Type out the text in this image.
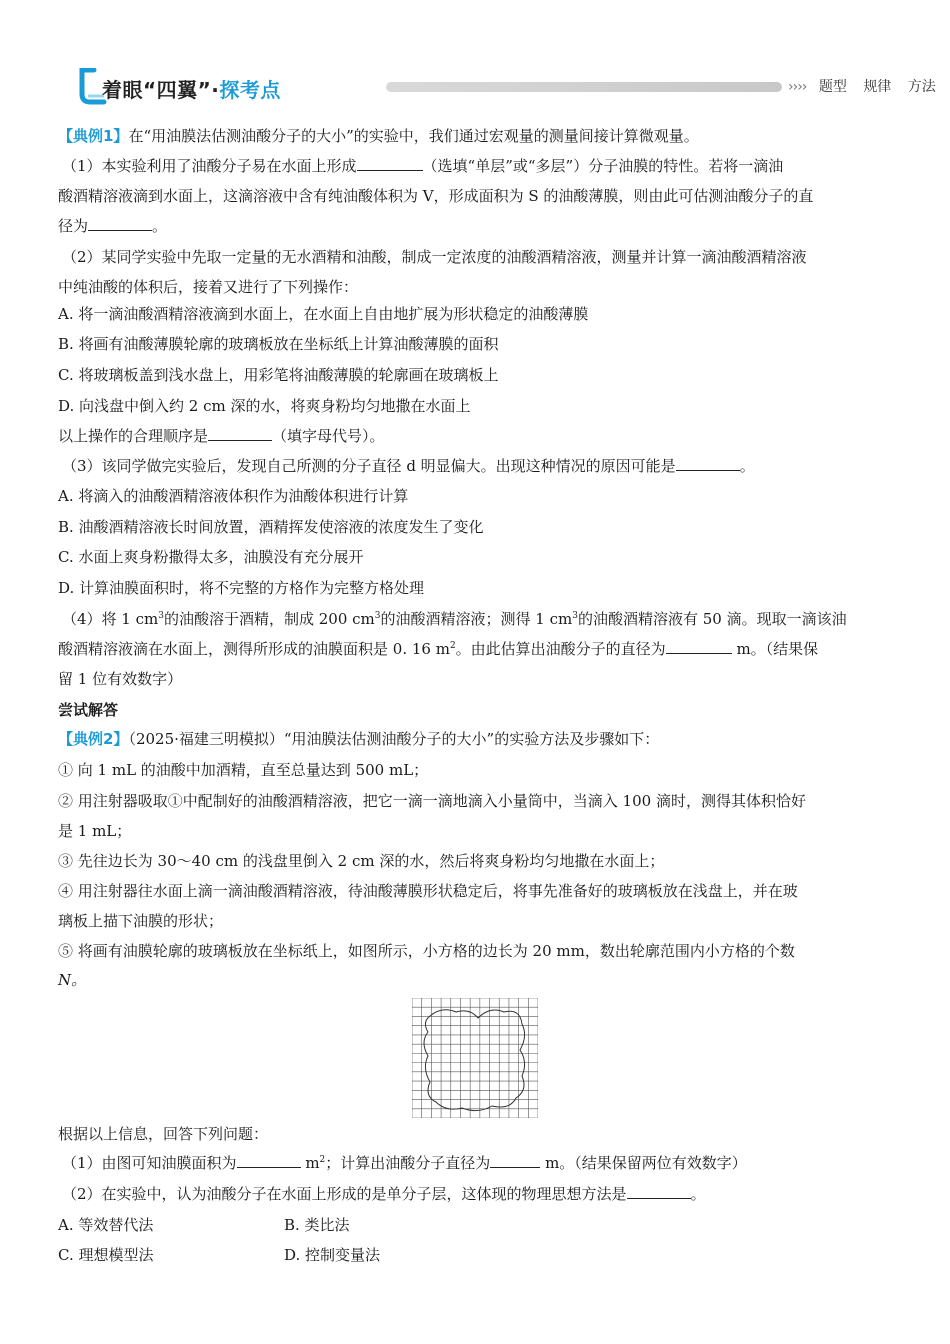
着眼“四翼”·探考点	›››› 题型 规律 方法
【典例1】在“用油膜法估测油酸分子的大小”的实验中，我们通过宏观量的测量间接计算微观量。
（1）本实验利用了油酸分子易在水面上形成	（选填“单层”或“多层”）分子油膜的特性。若将一滴油
酸酒精溶液滴到水面上，这滴溶液中含有纯油酸体积为 V，形成面积为 S 的油酸薄膜，则由此可估测油酸分子的直
径为	。
（2）某同学实验中先取一定量的无水酒精和油酸，制成一定浓度的油酸酒精溶液，测量并计算一滴油酸酒精溶液
中纯油酸的体积后，接着又进行了下列操作：
A. 将一滴油酸酒精溶液滴到水面上，在水面上自由地扩展为形状稳定的油酸薄膜
B. 将画有油酸薄膜轮廓的玻璃板放在坐标纸上计算油酸薄膜的面积
C. 将玻璃板盖到浅水盘上，用彩笔将油酸薄膜的轮廓画在玻璃板上
D. 向浅盘中倒入约 2 cm 深的水，将爽身粉均匀地撒在水面上
以上操作的合理顺序是	（填字母代号）。
（3）该同学做完实验后，发现自己所测的分子直径 d 明显偏大。出现这种情况的原因可能是	。
A. 将滴入的油酸酒精溶液体积作为油酸体积进行计算
B. 油酸酒精溶液长时间放置，酒精挥发使溶液的浓度发生了变化
C. 水面上爽身粉撒得太多，油膜没有充分展开
D. 计算油膜面积时，将不完整的方格作为完整方格处理
（4）将 1 $cm^3$的油酸溶于酒精，制成 200 $cm^3$的油酸酒精溶液；测得 1 $cm^3$的油酸酒精溶液有 50 滴。现取一滴该油
酸酒精溶液滴在水面上，测得所形成的油膜面积是 0. 16 $m^2$。由此估算出油酸分子的直径为	m。（结果保
留 1 位有效数字）
尝试解答
【典例2】（2025·福建三明模拟）“用油膜法估测油酸分子的大小”的实验方法及步骤如下：
① 向 1 mL 的油酸中加酒精，直至总量达到 500 mL；
② 用注射器吸取①中配制好的油酸酒精溶液，把它一滴一滴地滴入小量筒中，当滴入 100 滴时，测得其体积恰好
是 1 mL；
③ 先往边长为 30～40 cm 的浅盘里倒入 2 cm 深的水，然后将爽身粉均匀地撒在水面上；
④ 用注射器往水面上滴一滴油酸酒精溶液，待油酸薄膜形状稳定后，将事先准备好的玻璃板放在浅盘上，并在玻
璃板上描下油膜的形状；
⑤ 将画有油膜轮廓的玻璃板放在坐标纸上，如图所示，小方格的边长为 20 mm，数出轮廓范围内小方格的个数
N。
根据以上信息，回答下列问题：
（1）由图可知油膜面积为	$m^2$；计算出油酸分子直径为	m。（结果保留两位有效数字）
（2）在实验中，认为油酸分子在水面上形成的是单分子层，这体现的物理思想方法是	。
A. 等效替代法	B. 类比法
C. 理想模型法	D. 控制变量法
